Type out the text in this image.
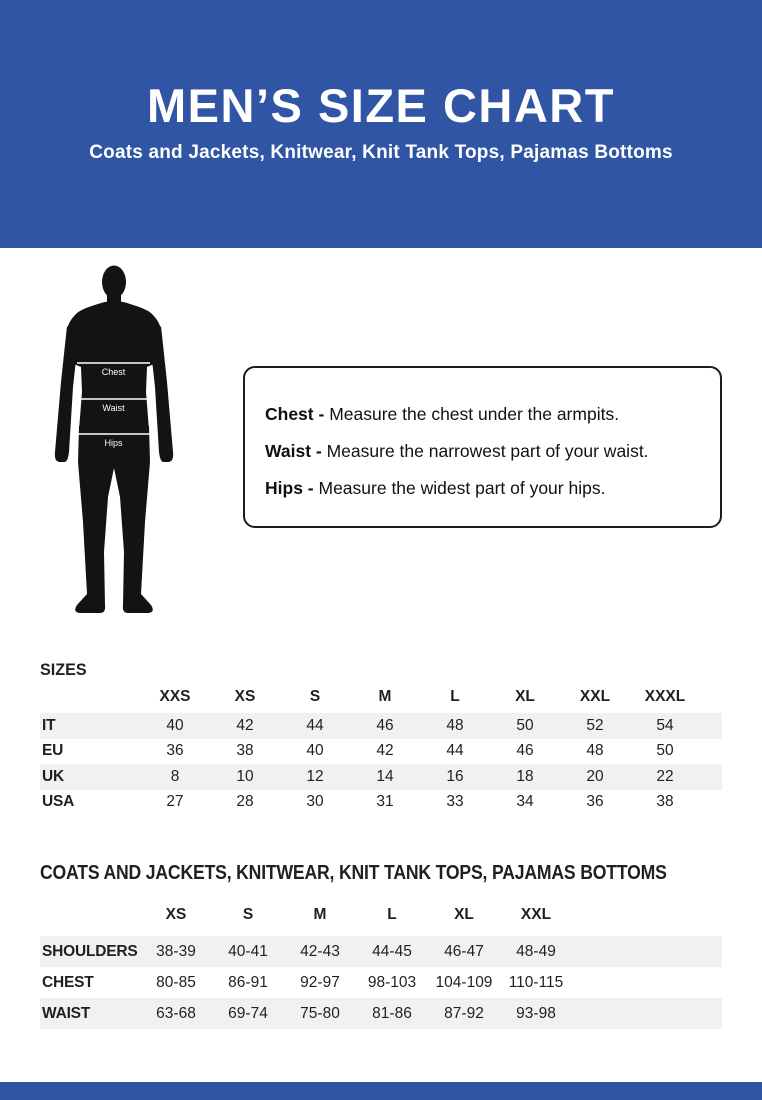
MEN’S SIZE CHART
Coats and Jackets, Knitwear, Knit Tank Tops, Pajamas Bottoms
Chest
Waist
Hips
Chest - Measure the chest under the armpits.
Waist - Measure the narrowest part of your waist.
Hips - Measure the widest part of your hips.
SIZES
XXS	XS	S	M	L	XL	XXL	XXXL
IT	40	42	44	46	48	50	52	54
EU	36	38	40	42	44	46	48	50
UK	8	10	12	14	16	18	20	22
USA	27	28	30	31	33	34	36	38
COATS AND JACKETS, KNITWEAR, KNIT TANK TOPS, PAJAMAS BOTTOMS
XS	S	M	L	XL	XXL
SHOULDERS	38-39	40-41	42-43	44-45	46-47	48-49
CHEST	80-85	86-91	92-97	98-103	104-109	110-115
WAIST	63-68	69-74	75-80	81-86	87-92	93-98
